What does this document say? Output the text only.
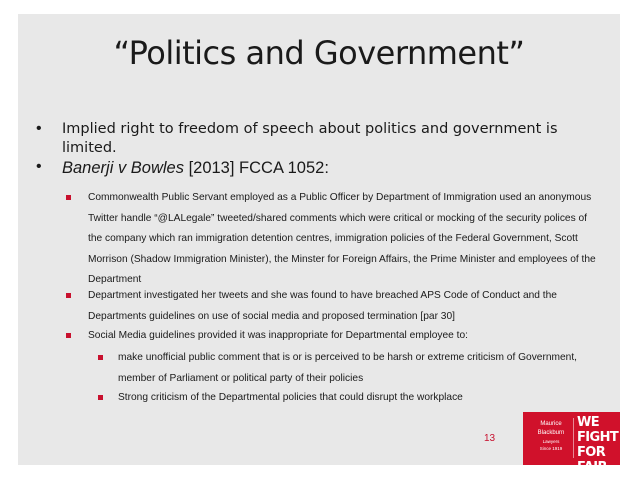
“Politics and Government”
• Implied right to freedom of speech about politics and government is limited.
• Banerji v Bowles [2013] FCCA 1052:
Commonwealth Public Servant employed as a Public Officer by Department of Immigration used an anonymous Twitter handle “@LALegale” tweeted/shared comments which were critical or mocking of the security polices of the company which ran immigration detention centres, immigration policies of the Federal Government, Scott Morrison (Shadow Immigration Minister), the Minster for Foreign Affairs, the Prime Minister and employees of the Department
Department investigated her tweets and she was found to have breached APS Code of Conduct and the Departments guidelines on use of social media and proposed termination [par 30]
Social Media guidelines provided it was inappropriate for Departmental employee to:
make unofficial public comment that is or is perceived to be harsh or extreme criticism of Government, member of Parliament or political party of their policies
Strong criticism of the Departmental policies that could disrupt the workplace
13
Maurice
Blackburn
Lawyers
Since 1919
WE
FIGHT
FOR
FAIR
